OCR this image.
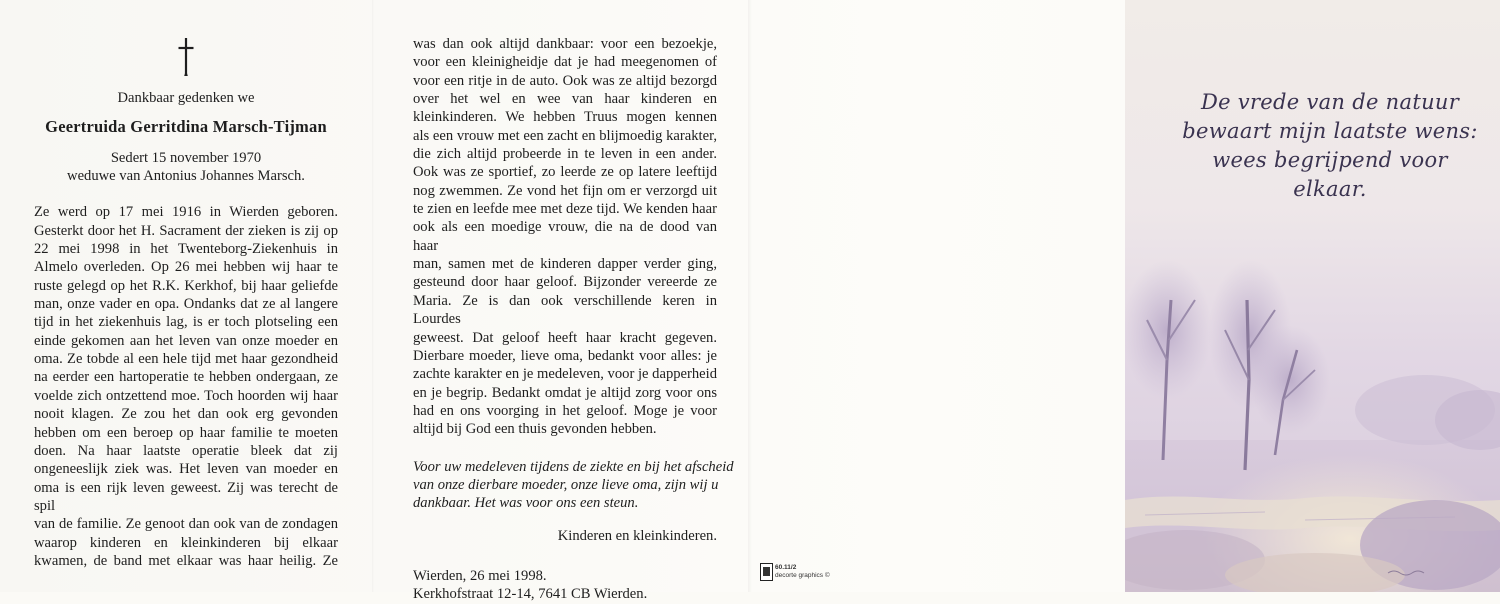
Dankbaar gedenken we
Geertruida Gerritdina Marsch-Tijman
Sedert 15 november 1970
weduwe van Antonius Johannes Marsch.
Ze werd op 17 mei 1916 in Wierden geboren.
Gesterkt door het H. Sacrament der zieken is zij op
22 mei 1998 in het Twenteborg-Ziekenhuis in
Almelo overleden. Op 26 mei hebben wij haar te
ruste gelegd op het R.K. Kerkhof, bij haar geliefde
man, onze vader en opa. Ondanks dat ze al langere
tijd in het ziekenhuis lag, is er toch plotseling een
einde gekomen aan het leven van onze moeder en
oma. Ze tobde al een hele tijd met haar gezondheid
na eerder een hartoperatie te hebben ondergaan, ze
voelde zich ontzettend moe. Toch hoorden wij haar
nooit klagen. Ze zou het dan ook erg gevonden
hebben om een beroep op haar familie te moeten
doen. Na haar laatste operatie bleek dat zij
ongeneeslijk ziek was. Het leven van moeder en
oma is een rijk leven geweest. Zij was terecht de spil
van de familie. Ze genoot dan ook van de zondagen
waarop kinderen en kleinkinderen bij elkaar
kwamen, de band met elkaar was haar heilig. Ze
was dan ook altijd dankbaar: voor een bezoekje,
voor een kleinigheidje dat je had meegenomen of
voor een ritje in de auto. Ook was ze altijd bezorgd
over het wel en wee van haar kinderen en
kleinkinderen. We hebben Truus mogen kennen
als een vrouw met een zacht en blijmoedig karakter,
die zich altijd probeerde in te leven in een ander.
Ook was ze sportief, zo leerde ze op latere leeftijd
nog zwemmen. Ze vond het fijn om er verzorgd uit
te zien en leefde mee met deze tijd. We kenden haar
ook als een moedige vrouw, die na de dood van haar
man, samen met de kinderen dapper verder ging,
gesteund door haar geloof. Bijzonder vereerde ze
Maria. Ze is dan ook verschillende keren in Lourdes
geweest. Dat geloof heeft haar kracht gegeven.
Dierbare moeder, lieve oma, bedankt voor alles: je
zachte karakter en je medeleven, voor je dapperheid
en je begrip. Bedankt omdat je altijd zorg voor ons
had en ons voorging in het geloof. Moge je voor
altijd bij God een thuis gevonden hebben.
Voor uw medeleven tijdens de ziekte en bij het afscheid
van onze dierbare moeder, onze lieve oma, zijn wij u
dankbaar. Het was voor ons een steun.
Kinderen en kleinkinderen.
Wierden, 26 mei 1998.
Kerkhofstraat 12-14, 7641 CB Wierden.
60.11/2
decorte graphics ©
De vrede van de natuur
bewaart mijn laatste wens:
wees begrijpend voor elkaar.
